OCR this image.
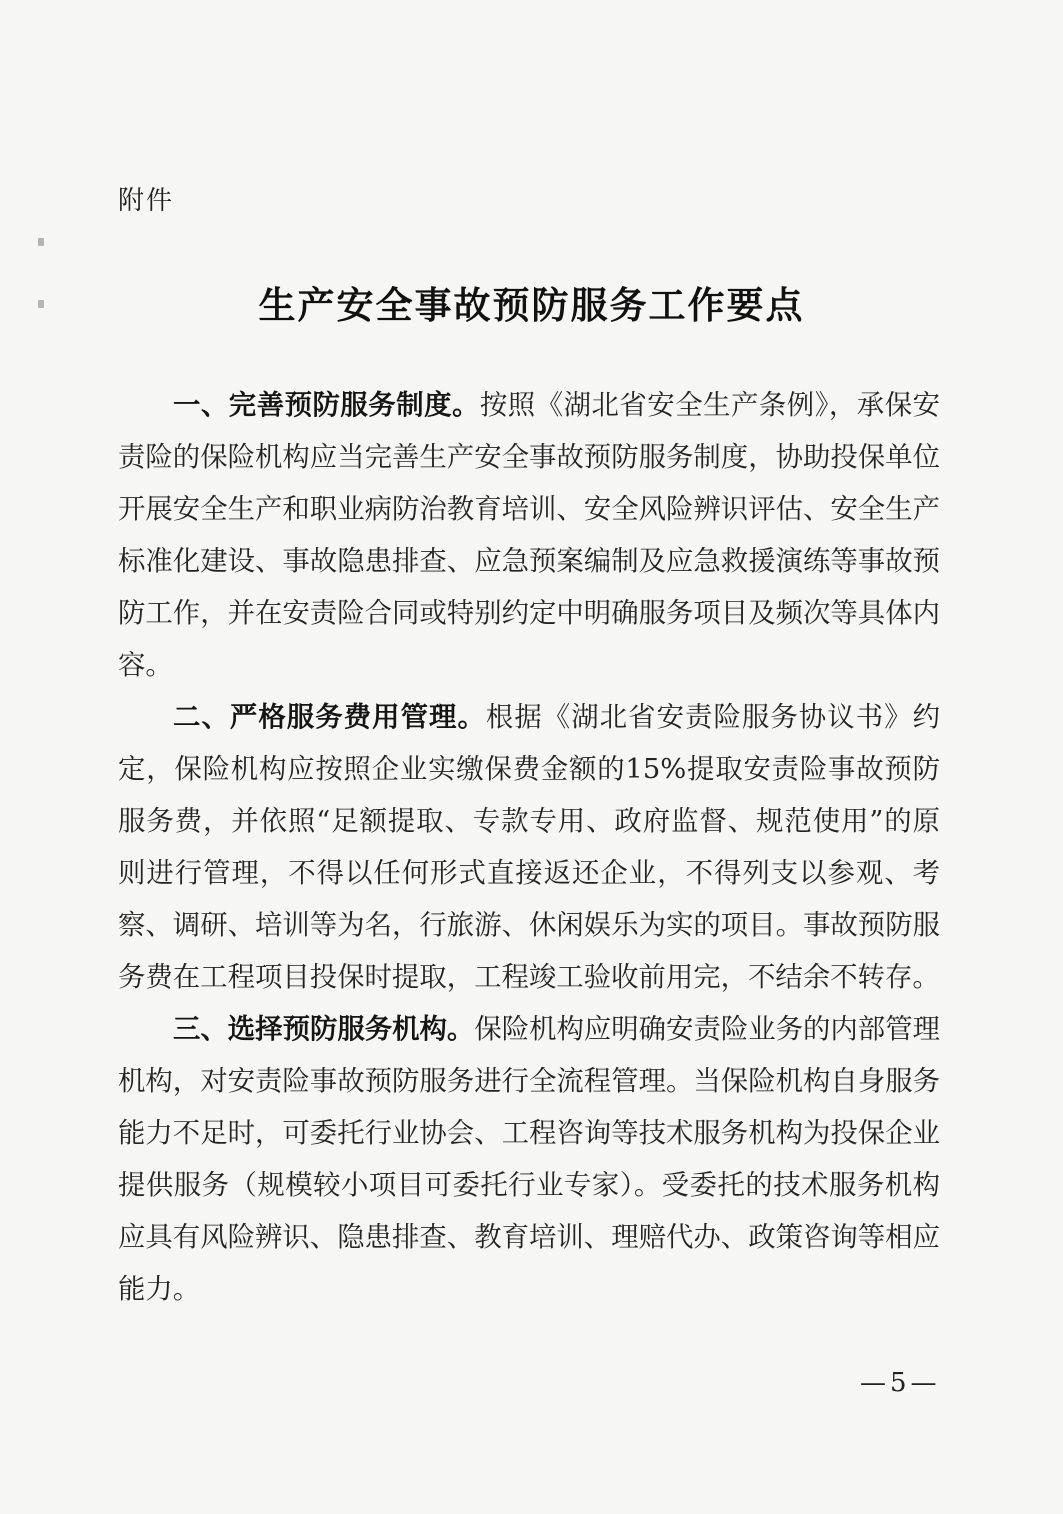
附件
生产安全事故预防服务工作要点

一、完善预防服务制度。按照《湖北省安全生产条例》，承保安责险的保险机构应当完善生产安全事故预防服务制度，协助投保单位开展安全生产和职业病防治教育培训、安全风险辨识评估、安全生产标准化建设、事故隐患排查、应急预案编制及应急救援演练等事故预防工作，并在安责险合同或特别约定中明确服务项目及频次等具体内容。

二、严格服务费用管理。根据《湖北省安责险服务协议书》约定，保险机构应按照企业实缴保费金额的15%提取安责险事故预防服务费，并依照“足额提取、专款专用、政府监督、规范使用”的原则进行管理，不得以任何形式直接返还企业，不得列支以参观、考察、调研、培训等为名，行旅游、休闲娱乐为实的项目。事故预防服务费在工程项目投保时提取，工程竣工验收前用完，不结余不转存。

三、选择预防服务机构。保险机构应明确安责险业务的内部管理机构，对安责险事故预防服务进行全流程管理。当保险机构自身服务能力不足时，可委托行业协会、工程咨询等技术服务机构为投保企业提供服务（规模较小项目可委托行业专家）。受委托的技术服务机构应具有风险辨识、隐患排查、教育培训、理赔代办、政策咨询等相应能力。

—5—
